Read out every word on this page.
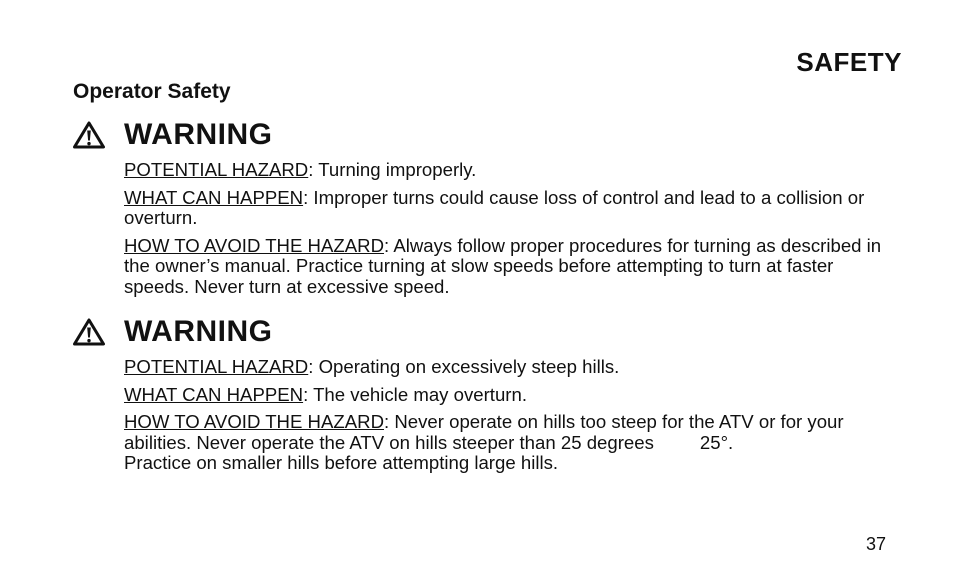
SAFETY
Operator Safety
WARNING

POTENTIAL HAZARD: Turning improperly.

WHAT CAN HAPPEN: Improper turns could cause loss of control and lead to a collision or overturn.

HOW TO AVOID THE HAZARD: Always follow proper procedures for turning as described in the owner’s manual. Practice turning at slow speeds before attempting to turn at faster speeds. Never turn at excessive speed.

WARNING

POTENTIAL HAZARD: Operating on excessively steep hills.

WHAT CAN HAPPEN: The vehicle may overturn.

HOW TO AVOID THE HAZARD: Never operate on hills too steep for the ATV or for your abilities. Never operate the ATV on hills steeper than 25 degrees 25°.
Practice on smaller hills before attempting large hills.

37
